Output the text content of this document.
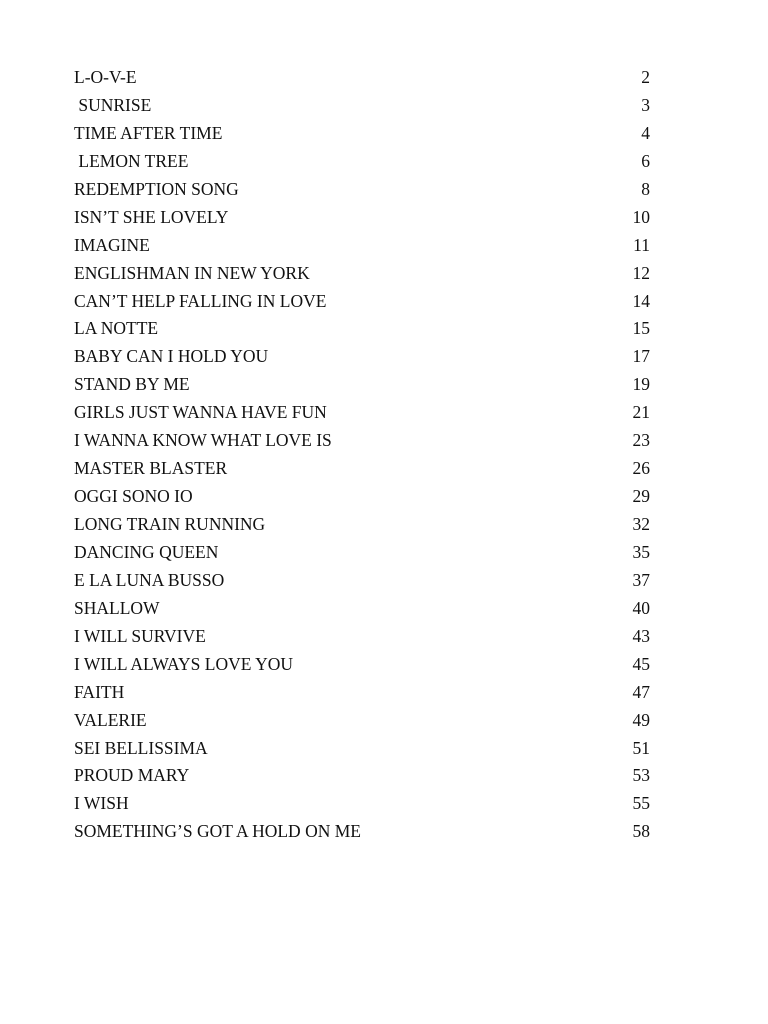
L-O-V-E	2
SUNRISE	3
TIME AFTER TIME	4
LEMON TREE	6
REDEMPTION SONG	8
ISN’T SHE LOVELY	10
IMAGINE	11
ENGLISHMAN IN NEW YORK	12
CAN’T HELP FALLING IN LOVE	14
LA NOTTE	15
BABY CAN I HOLD YOU	17
STAND BY ME	19
GIRLS JUST WANNA HAVE FUN	21
I WANNA KNOW WHAT LOVE IS	23
MASTER BLASTER	26
OGGI SONO IO	29
LONG TRAIN RUNNING	32
DANCING QUEEN	35
E LA LUNA BUSSO	37
SHALLOW	40
I WILL SURVIVE	43
I WILL ALWAYS LOVE YOU	45
FAITH	47
VALERIE	49
SEI BELLISSIMA	51
PROUD MARY	53
I WISH	55
SOMETHING’S GOT A HOLD ON ME	58
